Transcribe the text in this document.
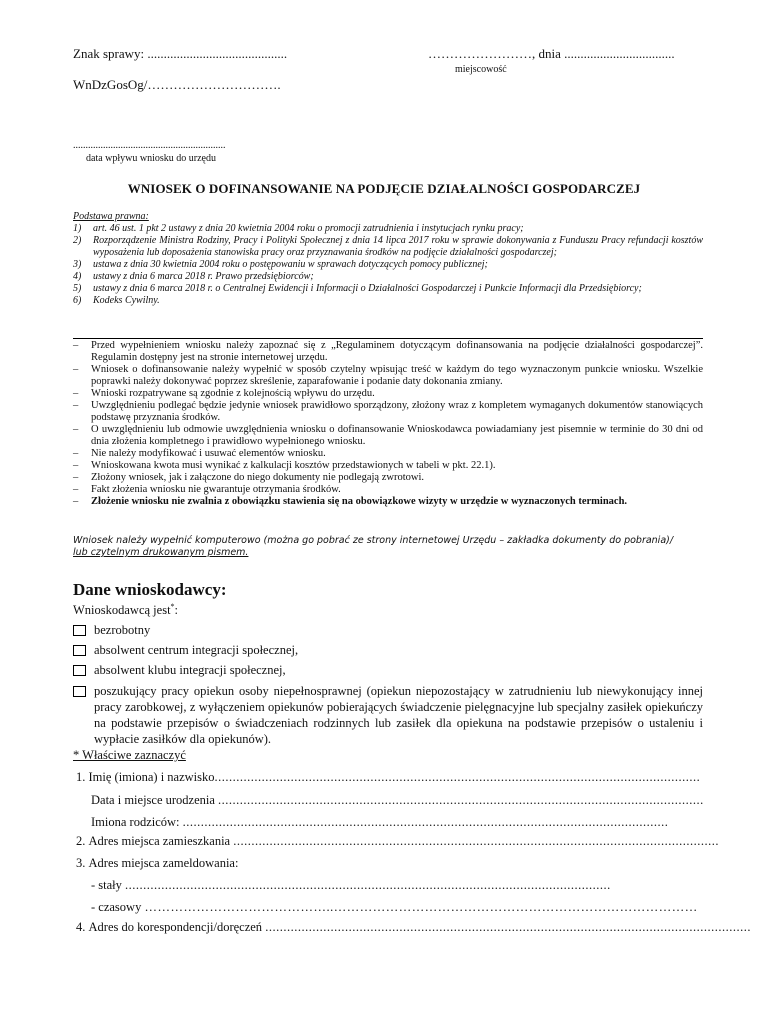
Znak sprawy: ...........................................	……………………, dnia ..................................
miejscowość
WnDzGosOg/………………………….
.............................................................
data wpływu wniosku do urzędu
WNIOSEK O DOFINANSOWANIE NA PODJĘCIE DZIAŁALNOŚCI GOSPODARCZEJ
Podstawa prawna:
1)	art. 46 ust. 1 pkt 2 ustawy z dnia 20 kwietnia 2004 roku o promocji zatrudnienia i instytucjach rynku pracy;
2)	Rozporządzenie Ministra Rodziny, Pracy i Polityki Społecznej z dnia 14 lipca 2017 roku w sprawie dokonywania z Funduszu Pracy refundacji kosztów wyposażenia lub doposażenia stanowiska pracy oraz przyznawania środków na podjęcie działalności gospodarczej;
3)	ustawa z dnia 30 kwietnia 2004 roku o postępowaniu w sprawach dotyczących pomocy publicznej;
4)	ustawy z dnia 6 marca 2018 r. Prawo przedsiębiorców;
5)	ustawy z dnia 6 marca 2018 r. o Centralnej Ewidencji i Informacji o Działalności Gospodarczej i Punkcie Informacji dla Przedsiębiorcy;
6)	Kodeks Cywilny.
–	Przed wypełnieniem wniosku należy zapoznać się z „Regulaminem dotyczącym dofinansowania na podjęcie działalności gospodarczej”. Regulamin dostępny jest na stronie internetowej urzędu.
–	Wniosek o dofinansowanie należy wypełnić w sposób czytelny wpisując treść w każdym do tego wyznaczonym punkcie wniosku. Wszelkie poprawki należy dokonywać poprzez skreślenie, zaparafowanie i podanie daty dokonania zmiany.
–	Wnioski rozpatrywane są zgodnie z kolejnością wpływu do urzędu.
–	Uwzględnieniu podlegać będzie jedynie wniosek prawidłowo sporządzony, złożony wraz z kompletem wymaganych dokumentów stanowiących podstawę przyznania środków.
–	O uwzględnieniu lub odmowie uwzględnienia wniosku o dofinansowanie Wnioskodawca powiadamiany jest pisemnie w terminie do 30 dni od dnia złożenia kompletnego i prawidłowo wypełnionego wniosku.
–	Nie należy modyfikować i usuwać elementów wniosku.
–	Wnioskowana kwota musi wynikać z kalkulacji kosztów przedstawionych w tabeli w pkt. 22.1).
–	Złożony wniosek, jak i załączone do niego dokumenty nie podlegają zwrotowi.
–	Fakt złożenia wniosku nie gwarantuje otrzymania środków.
–	Złożenie wniosku nie zwalnia z obowiązku stawienia się na obowiązkowe wizyty w urzędzie w wyznaczonych terminach.
Wniosek należy wypełnić komputerowo (można go pobrać ze strony internetowej Urzędu – zakładka dokumenty do pobrania)/
lub czytelnym drukowanym pismem.
Dane wnioskodawcy:
Wnioskodawcą jest*:
bezrobotny
absolwent centrum integracji społecznej,
absolwent klubu integracji społecznej,
poszukujący pracy opiekun osoby niepełnosprawnej (opiekun niepozostający w zatrudnieniu lub niewykonujący innej pracy zarobkowej, z wyłączeniem opiekunów pobierających świadczenie pielęgnacyjne lub specjalny zasiłek opiekuńczy na podstawie przepisów o świadczeniach rodzinnych lub zasiłek dla opiekuna na podstawie przepisów o ustaleniu i wypłacie zasiłków dla opiekunów).
* Właściwe zaznaczyć
1. Imię (imiona) i nazwisko......................................................................................................................................
Data i miejsce urodzenia ......................................................................................................................................
Imiona rodziców: ......................................................................................................................................
2. Adres miejsca zamieszkania ......................................................................................................................................
3. Adres miejsca zameldowania:
- stały ......................................................................................................................................
- czasowy ……………………………………..…………………………………………………………………………
4. Adres do korespondencji/doręczeń ......................................................................................................................................
